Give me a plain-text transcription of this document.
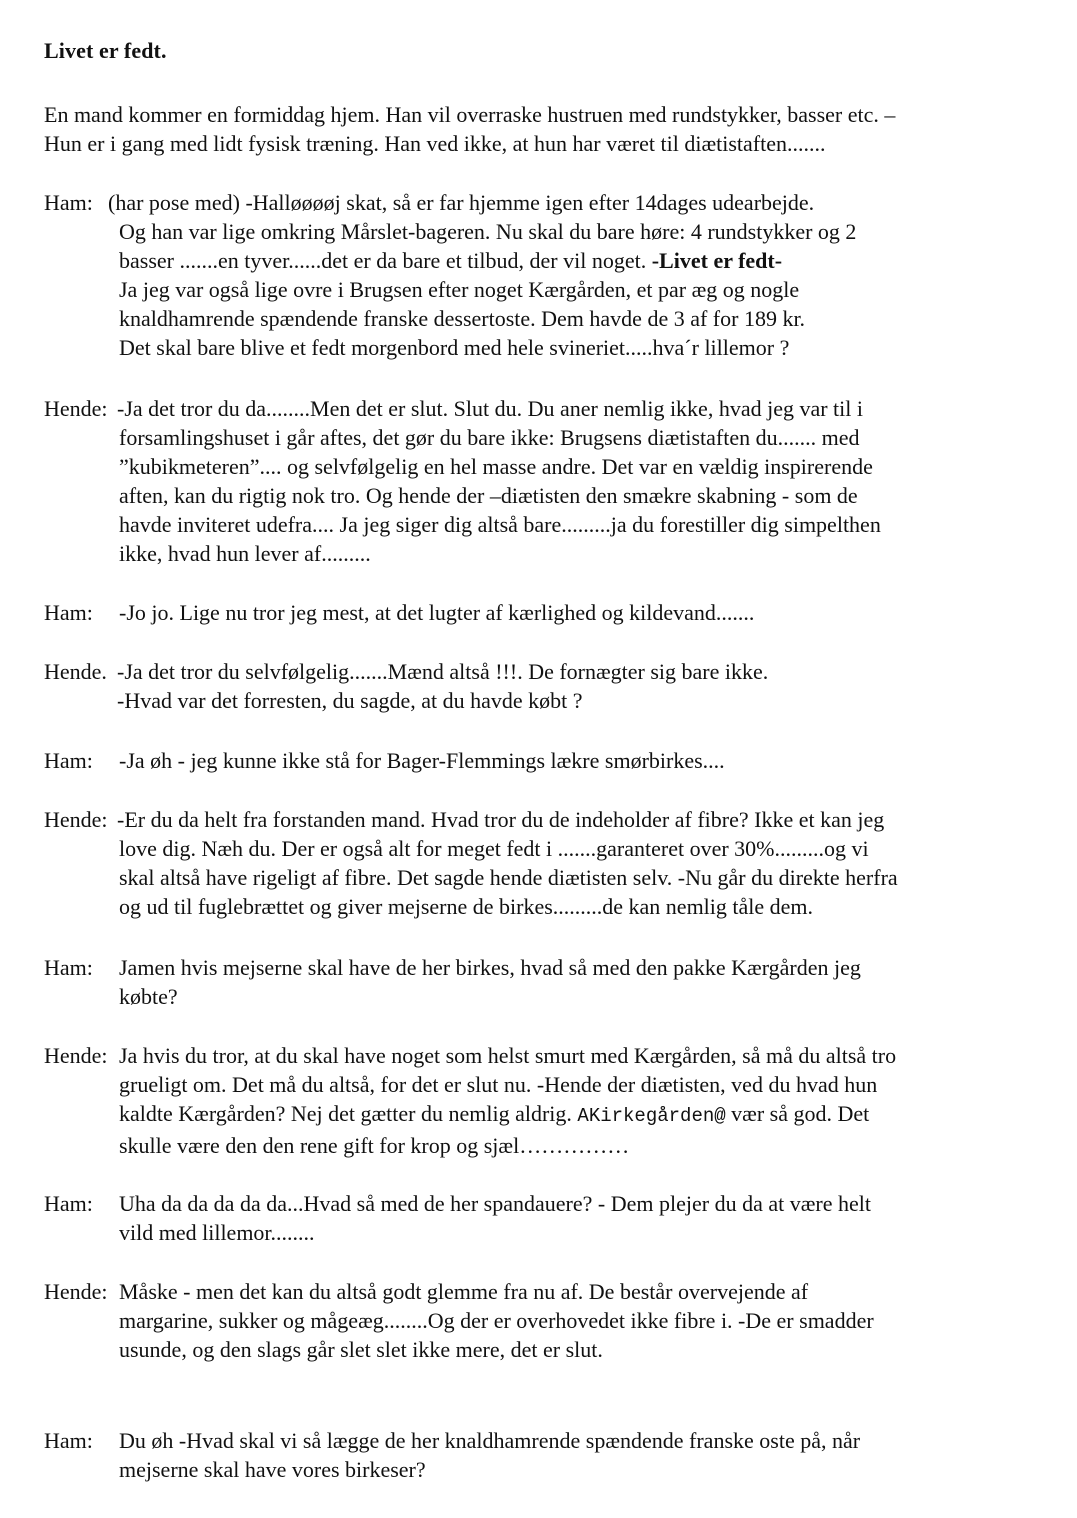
Livet er fedt.
En mand kommer en formiddag hjem. Han vil overraske hustruen med rundstykker, basser etc. –
Hun er i gang med lidt fysisk træning. Han ved ikke, at hun har været til diætistaften.......
Ham: (har pose med) -Halløøøøj skat, så er far hjemme igen efter 14dages udearbejde.
Og han var lige omkring Mårslet-bageren. Nu skal du bare høre: 4 rundstykker og 2
basser .......en tyver......det er da bare et tilbud, der vil noget. -Livet er fedt-
Ja jeg var også lige ovre i Brugsen efter noget Kærgården, et par æg og nogle
knaldhamrende spændende franske dessertoste. Dem havde de 3 af for 189 kr.
Det skal bare blive et fedt morgenbord med hele svineriet.....hva´r lillemor ?
Hende: -Ja det tror du da........Men det er slut. Slut du. Du aner nemlig ikke, hvad jeg var til i
forsamlingshuset i går aftes, det gør du bare ikke: Brugsens diætistaften du....... med
”kubikmeteren”.... og selvfølgelig en hel masse andre. Det var en vældig inspirerende
aften, kan du rigtig nok tro. Og hende der –diætisten den smækre skabning - som de
havde inviteret udefra.... Ja jeg siger dig altså bare.........ja du forestiller dig simpelthen
ikke, hvad hun lever af.........
Ham: -Jo jo. Lige nu tror jeg mest, at det lugter af kærlighed og kildevand.......
Hende. -Ja det tror du selvfølgelig.......Mænd altså !!!. De fornægter sig bare ikke.
-Hvad var det forresten, du sagde, at du havde købt ?
Ham: -Ja øh - jeg kunne ikke stå for Bager-Flemmings lækre smørbirkes....
Hende: -Er du da helt fra forstanden mand. Hvad tror du de indeholder af fibre? Ikke et kan jeg
love dig. Næh du. Der er også alt for meget fedt i .......garanteret over 30%.........og vi
skal altså have rigeligt af fibre. Det sagde hende diætisten selv. -Nu går du direkte herfra
og ud til fuglebrættet og giver mejserne de birkes.........de kan nemlig tåle dem.
Ham: Jamen hvis mejserne skal have de her birkes, hvad så med den pakke Kærgården jeg
købte?
Hende: Ja hvis du tror, at du skal have noget som helst smurt med Kærgården, så må du altså tro
grueligt om. Det må du altså, for det er slut nu. -Hende der diætisten, ved du hvad hun
kaldte Kærgården? Nej det gætter du nemlig aldrig. AKirkegården@ vær så god. Det
skulle være den den rene gift for krop og sjæl……………
Ham: Uha da da da da da...Hvad så med de her spandauere? - Dem plejer du da at være helt
vild med lillemor........
Hende: Måske - men det kan du altså godt glemme fra nu af. De består overvejende af
margarine, sukker og mågeæg........Og der er overhovedet ikke fibre i. -De er smadder
usunde, og den slags går slet slet ikke mere, det er slut.
Ham: Du øh -Hvad skal vi så lægge de her knaldhamrende spændende franske oste på, når
mejserne skal have vores birkeser?
